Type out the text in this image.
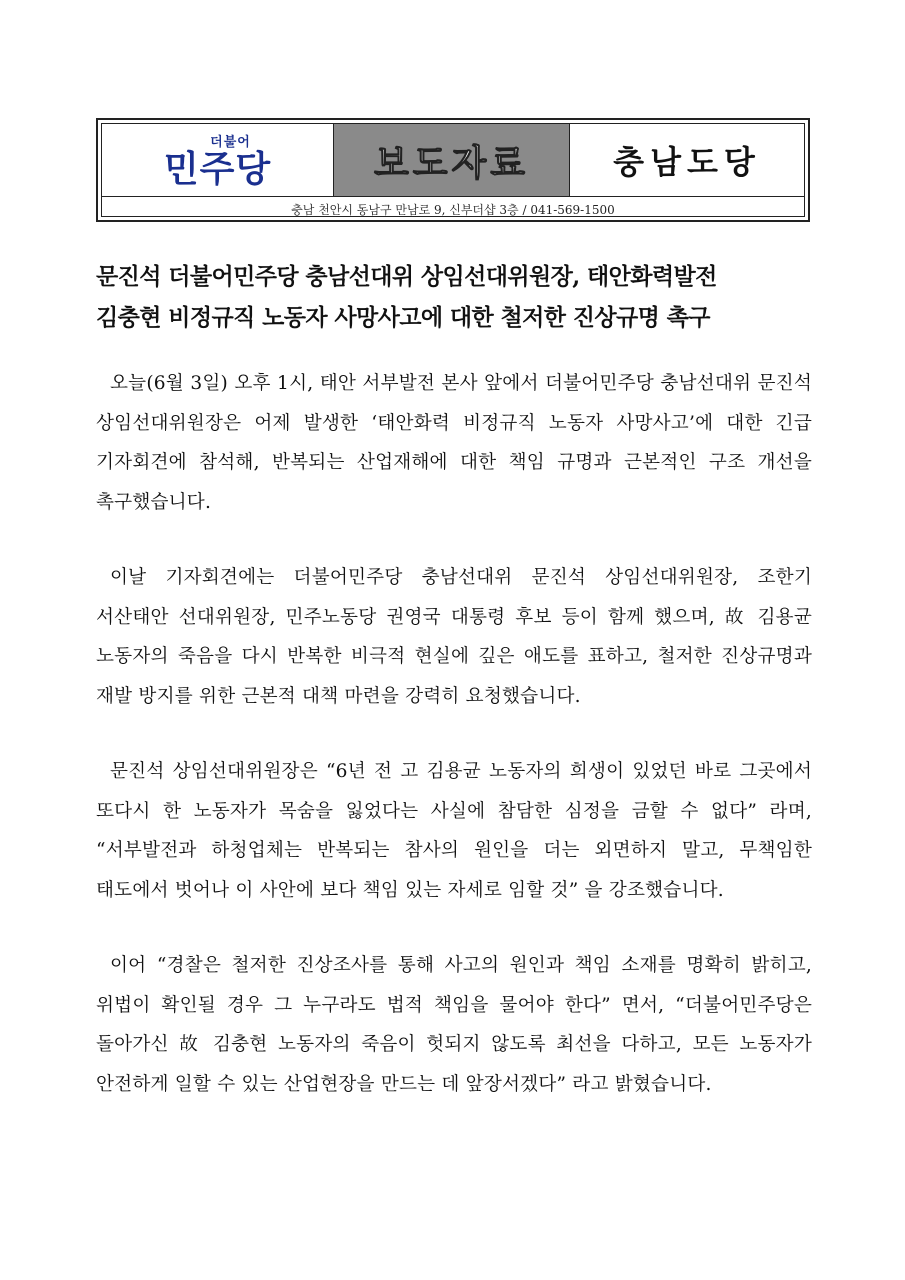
더불어
민주당	보도자료	충남도당
충남 천안시 동남구 만남로 9, 신부더샵 3층 / 041-569-1500
문진석 더불어민주당 충남선대위 상임선대위원장, 태안화력발전
김충현 비정규직 노동자 사망사고에 대한 철저한 진상규명 촉구

오늘(6월 3일) 오후 1시, 태안 서부발전 본사 앞에서 더불어민주당 충남선대위 문진석 상임선대위원장은 어제 발생한 ‘태안화력 비정규직 노동자 사망사고’에 대한 긴급 기자회견에 참석해, 반복되는 산업재해에 대한 책임 규명과 근본적인 구조 개선을 촉구했습니다.

이날 기자회견에는 더불어민주당 충남선대위 문진석 상임선대위원장, 조한기 서산태안 선대위원장, 민주노동당 권영국 대통령 후보 등이 함께 했으며, 故 김용균 노동자의 죽음을 다시 반복한 비극적 현실에 깊은 애도를 표하고, 철저한 진상규명과 재발 방지를 위한 근본적 대책 마련을 강력히 요청했습니다.

문진석 상임선대위원장은 “6년 전 고 김용균 노동자의 희생이 있었던 바로 그곳에서 또다시 한 노동자가 목숨을 잃었다는 사실에 참담한 심정을 금할 수 없다” 라며, “서부발전과 하청업체는 반복되는 참사의 원인을 더는 외면하지 말고, 무책임한 태도에서 벗어나 이 사안에 보다 책임 있는 자세로 임할 것” 을 강조했습니다.

이어 “경찰은 철저한 진상조사를 통해 사고의 원인과 책임 소재를 명확히 밝히고, 위법이 확인될 경우 그 누구라도 법적 책임을 물어야 한다” 면서, “더불어민주당은 돌아가신 故 김충현 노동자의 죽음이 헛되지 않도록 최선을 다하고, 모든 노동자가 안전하게 일할 수 있는 산업현장을 만드는 데 앞장서겠다” 라고 밝혔습니다.
